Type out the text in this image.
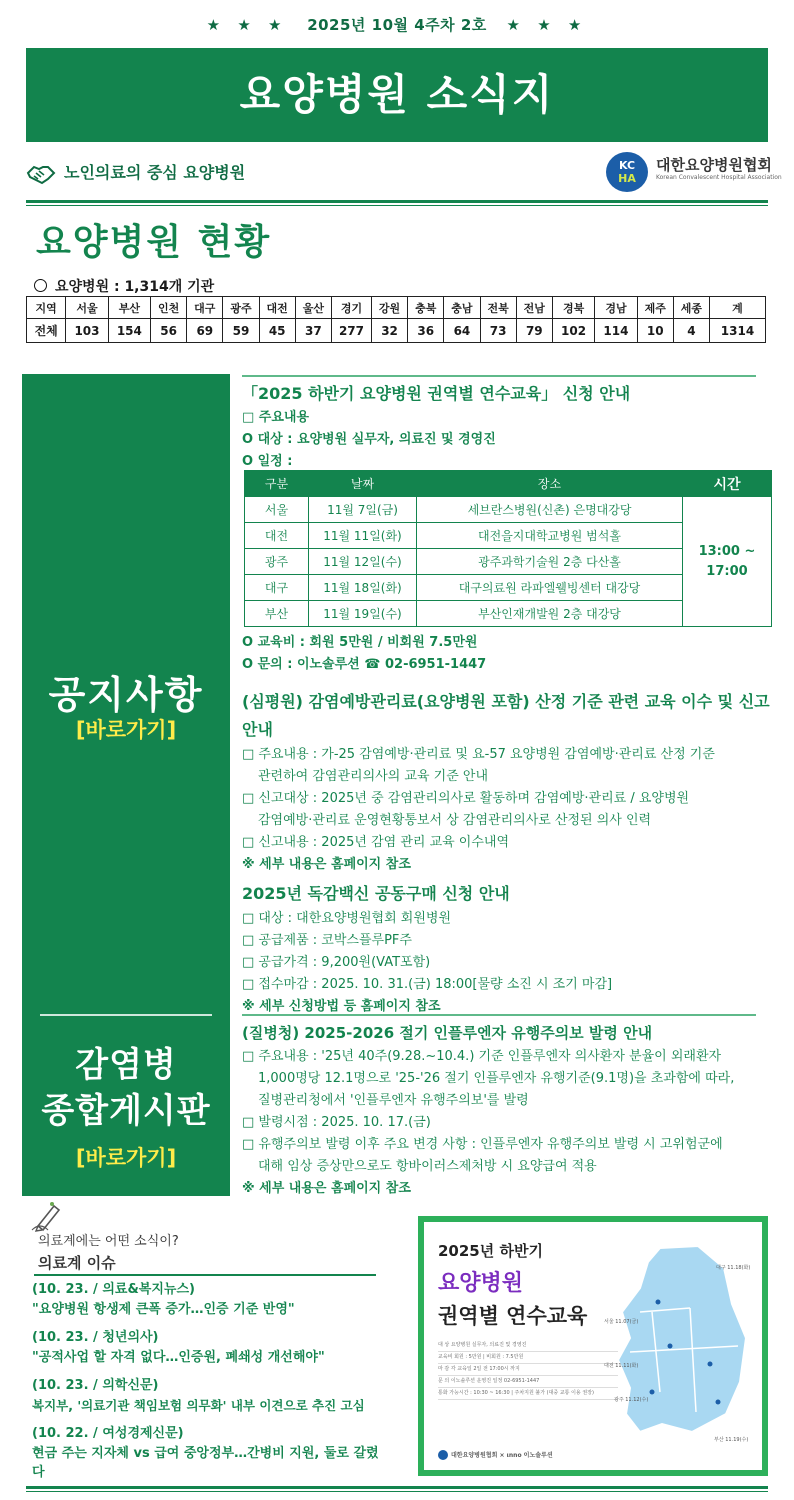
★ ★ ★ 2025년 10월 4주차 2호 ★ ★ ★
요양병원 소식지
노인의료의 중심 요양병원	KC
HA
대한요양병원협회
Korean Convalescent Hospital Association
요양병원 현황
요양병원 : 1,314개 기관
지역	서울	부산	인천	대구	광주	대전	울산	경기	강원	충북	충남	전북	전남	경북	경남	제주	세종	계
전체	103	154	56	69	59	45	37	277	32	36	64	73	79	102	114	10	4	1314
공지사항
[바로가기]
감염병
종합게시판
[바로가기]
「2025 하반기 요양병원 권역별 연수교육」 신청 안내
□ 주요내용
O 대상 : 요양병원 실무자, 의료진 및 경영진
O 일정 :
구분	날짜	장소	시간
서울	11월 7일(금)	세브란스병원(신촌) 은명대강당	13:00 ~
17:00

대전	11월 11일(화)	대전을지대학교병원 범석홀	
광주	11월 12일(수)	광주과학기술원 2층 다산홀	
대구	11월 18일(화)	대구의료원 라파엘웰빙센터 대강당	
부산	11월 19일(수)	부산인재개발원 2층 대강당	
O 교육비 : 회원 5만원 / 비회원 7.5만원
O 문의 : 이노솔루션 ☎ 02-6951-1447
(심평원) 감염예방관리료(요양병원 포함) 산정 기준 관련 교육 이수 및 신고 안내
□ 주요내용 : 가-25 감염예방·관리료 및 요-57 요양병원 감염예방·관리료 산정 기준
관련하여 감염관리의사의 교육 기준 안내
□ 신고대상 : 2025년 중 감염관리의사로 활동하며 감염예방·관리료 / 요양병원
감염예방·관리료 운영현황통보서 상 감염관리의사로 산정된 의사 인력
□ 신고내용 : 2025년 감염 관리 교육 이수내역
※ 세부 내용은 홈페이지 참조
2025년 독감백신 공동구매 신청 안내
□ 대상 : 대한요양병원협회 회원병원
□ 공급제품 : 코박스플루PF주
□ 공급가격 : 9,200원(VAT포함)
□ 접수마감 : 2025. 10. 31.(금) 18:00[물량 소진 시 조기 마감]
※ 세부 신청방법 등 홈페이지 참조
(질병청) 2025-2026 절기 인플루엔자 유행주의보 발령 안내
□ 주요내용 : '25년 40주(9.28.~10.4.) 기준 인플루엔자 의사환자 분율이 외래환자
1,000명당 12.1명으로 '25-'26 절기 인플루엔자 유행기준(9.1명)을 초과함에 따라,
질병관리청에서 '인플루엔자 유행주의보'를 발령
□ 발령시점 : 2025. 10. 17.(금)
□ 유행주의보 발령 이후 주요 변경 사항 : 인플루엔자 유행주의보 발령 시 고위험군에
대해 임상 증상만으로도 항바이러스제처방 시 요양급여 적용
※ 세부 내용은 홈페이지 참조
의료계에는 어떤 소식이?
의료계 이슈
(10. 23. / 의료&복지뉴스)
"요양병원 항생제 큰폭 증가…인증 기준 반영"
(10. 23. / 청년의사)
"공적사업 할 자격 없다…인증원, 폐쇄성 개선해야"
(10. 23. / 의학신문)
복지부, '의료기관 책임보험 의무화' 내부 이견으로 추진 고심
(10. 22. / 여성경제신문)
현금 주는 지자체 vs 급여 중앙정부…간병비 지원, 둘로 갈렸다
2025년 하반기
요양병원
권역별 연수교육
대 상 요양병원 실무자, 의료진 및 경영진
교육비 회원 : 5만원 | 비회원 : 7.5만원
마 감 각 교육일 2일 전 17:00시 까지
문 의 이노솔루션 운영진 일정 02-6951-1447
통화 가능시간 : 10:30 ~ 16:30 | 주차지원 불가 (대중 교통 이용 권장)
서울 11.07(금)
대전 11.11(화)
광주 11.12(수)
대구 11.18(화)
부산 11.19(수)
대한요양병원협회 × ιnno 이노솔루션
